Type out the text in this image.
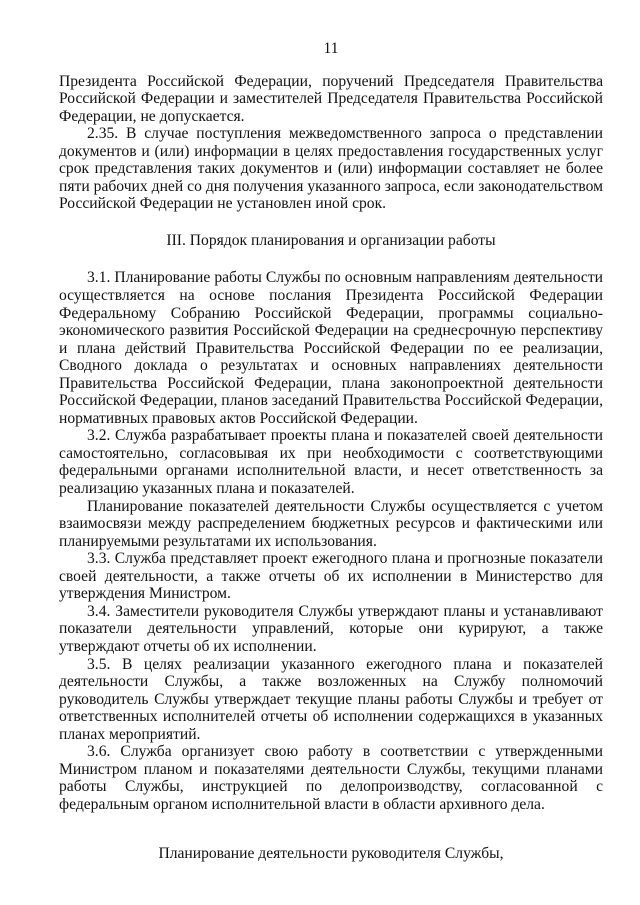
11

Президента Российской Федерации, поручений Председателя Правительства Российской Федерации и заместителей Председателя Правительства Российской Федерации, не допускается.

2.35. В случае поступления межведомственного запроса о представлении документов и (или) информации в целях предоставления государственных услуг срок представления таких документов и (или) информации составляет не более пяти рабочих дней со дня получения указанного запроса, если законодательством Российской Федерации не установлен иной срок.

III. Порядок планирования и организации работы

3.1. Планирование работы Службы по основным направлениям деятельности осуществляется на основе послания Президента Российской Федерации Федеральному Собранию Российской Федерации, программы социально-экономического развития Российской Федерации на среднесрочную перспективу и плана действий Правительства Российской Федерации по ее реализации, Сводного доклада о результатах и основных направлениях деятельности Правительства Российской Федерации, плана законопроектной деятельности Российской Федерации, планов заседаний Правительства Российской Федерации, нормативных правовых актов Российской Федерации.

3.2. Служба разрабатывает проекты плана и показателей своей деятельности самостоятельно, согласовывая их при необходимости с соответствующими федеральными органами исполнительной власти, и несет ответственность за реализацию указанных плана и показателей.

Планирование показателей деятельности Службы осуществляется с учетом взаимосвязи между распределением бюджетных ресурсов и фактическими или планируемыми результатами их использования.

3.3. Служба представляет проект ежегодного плана и прогнозные показатели своей деятельности, а также отчеты об их исполнении в Министерство для утверждения Министром.

3.4. Заместители руководителя Службы утверждают планы и устанавливают показатели деятельности управлений, которые они курируют, а также утверждают отчеты об их исполнении.

3.5. В целях реализации указанного ежегодного плана и показателей деятельности Службы, а также возложенных на Службу полномочий руководитель Службы утверждает текущие планы работы Службы и требует от ответственных исполнителей отчеты об исполнении содержащихся в указанных планах мероприятий.

3.6. Служба организует свою работу в соответствии с утвержденными Министром планом и показателями деятельности Службы, текущими планами работы Службы, инструкцией по делопроизводству, согласованной с федеральным органом исполнительной власти в области архивного дела.

Планирование деятельности руководителя Службы,
